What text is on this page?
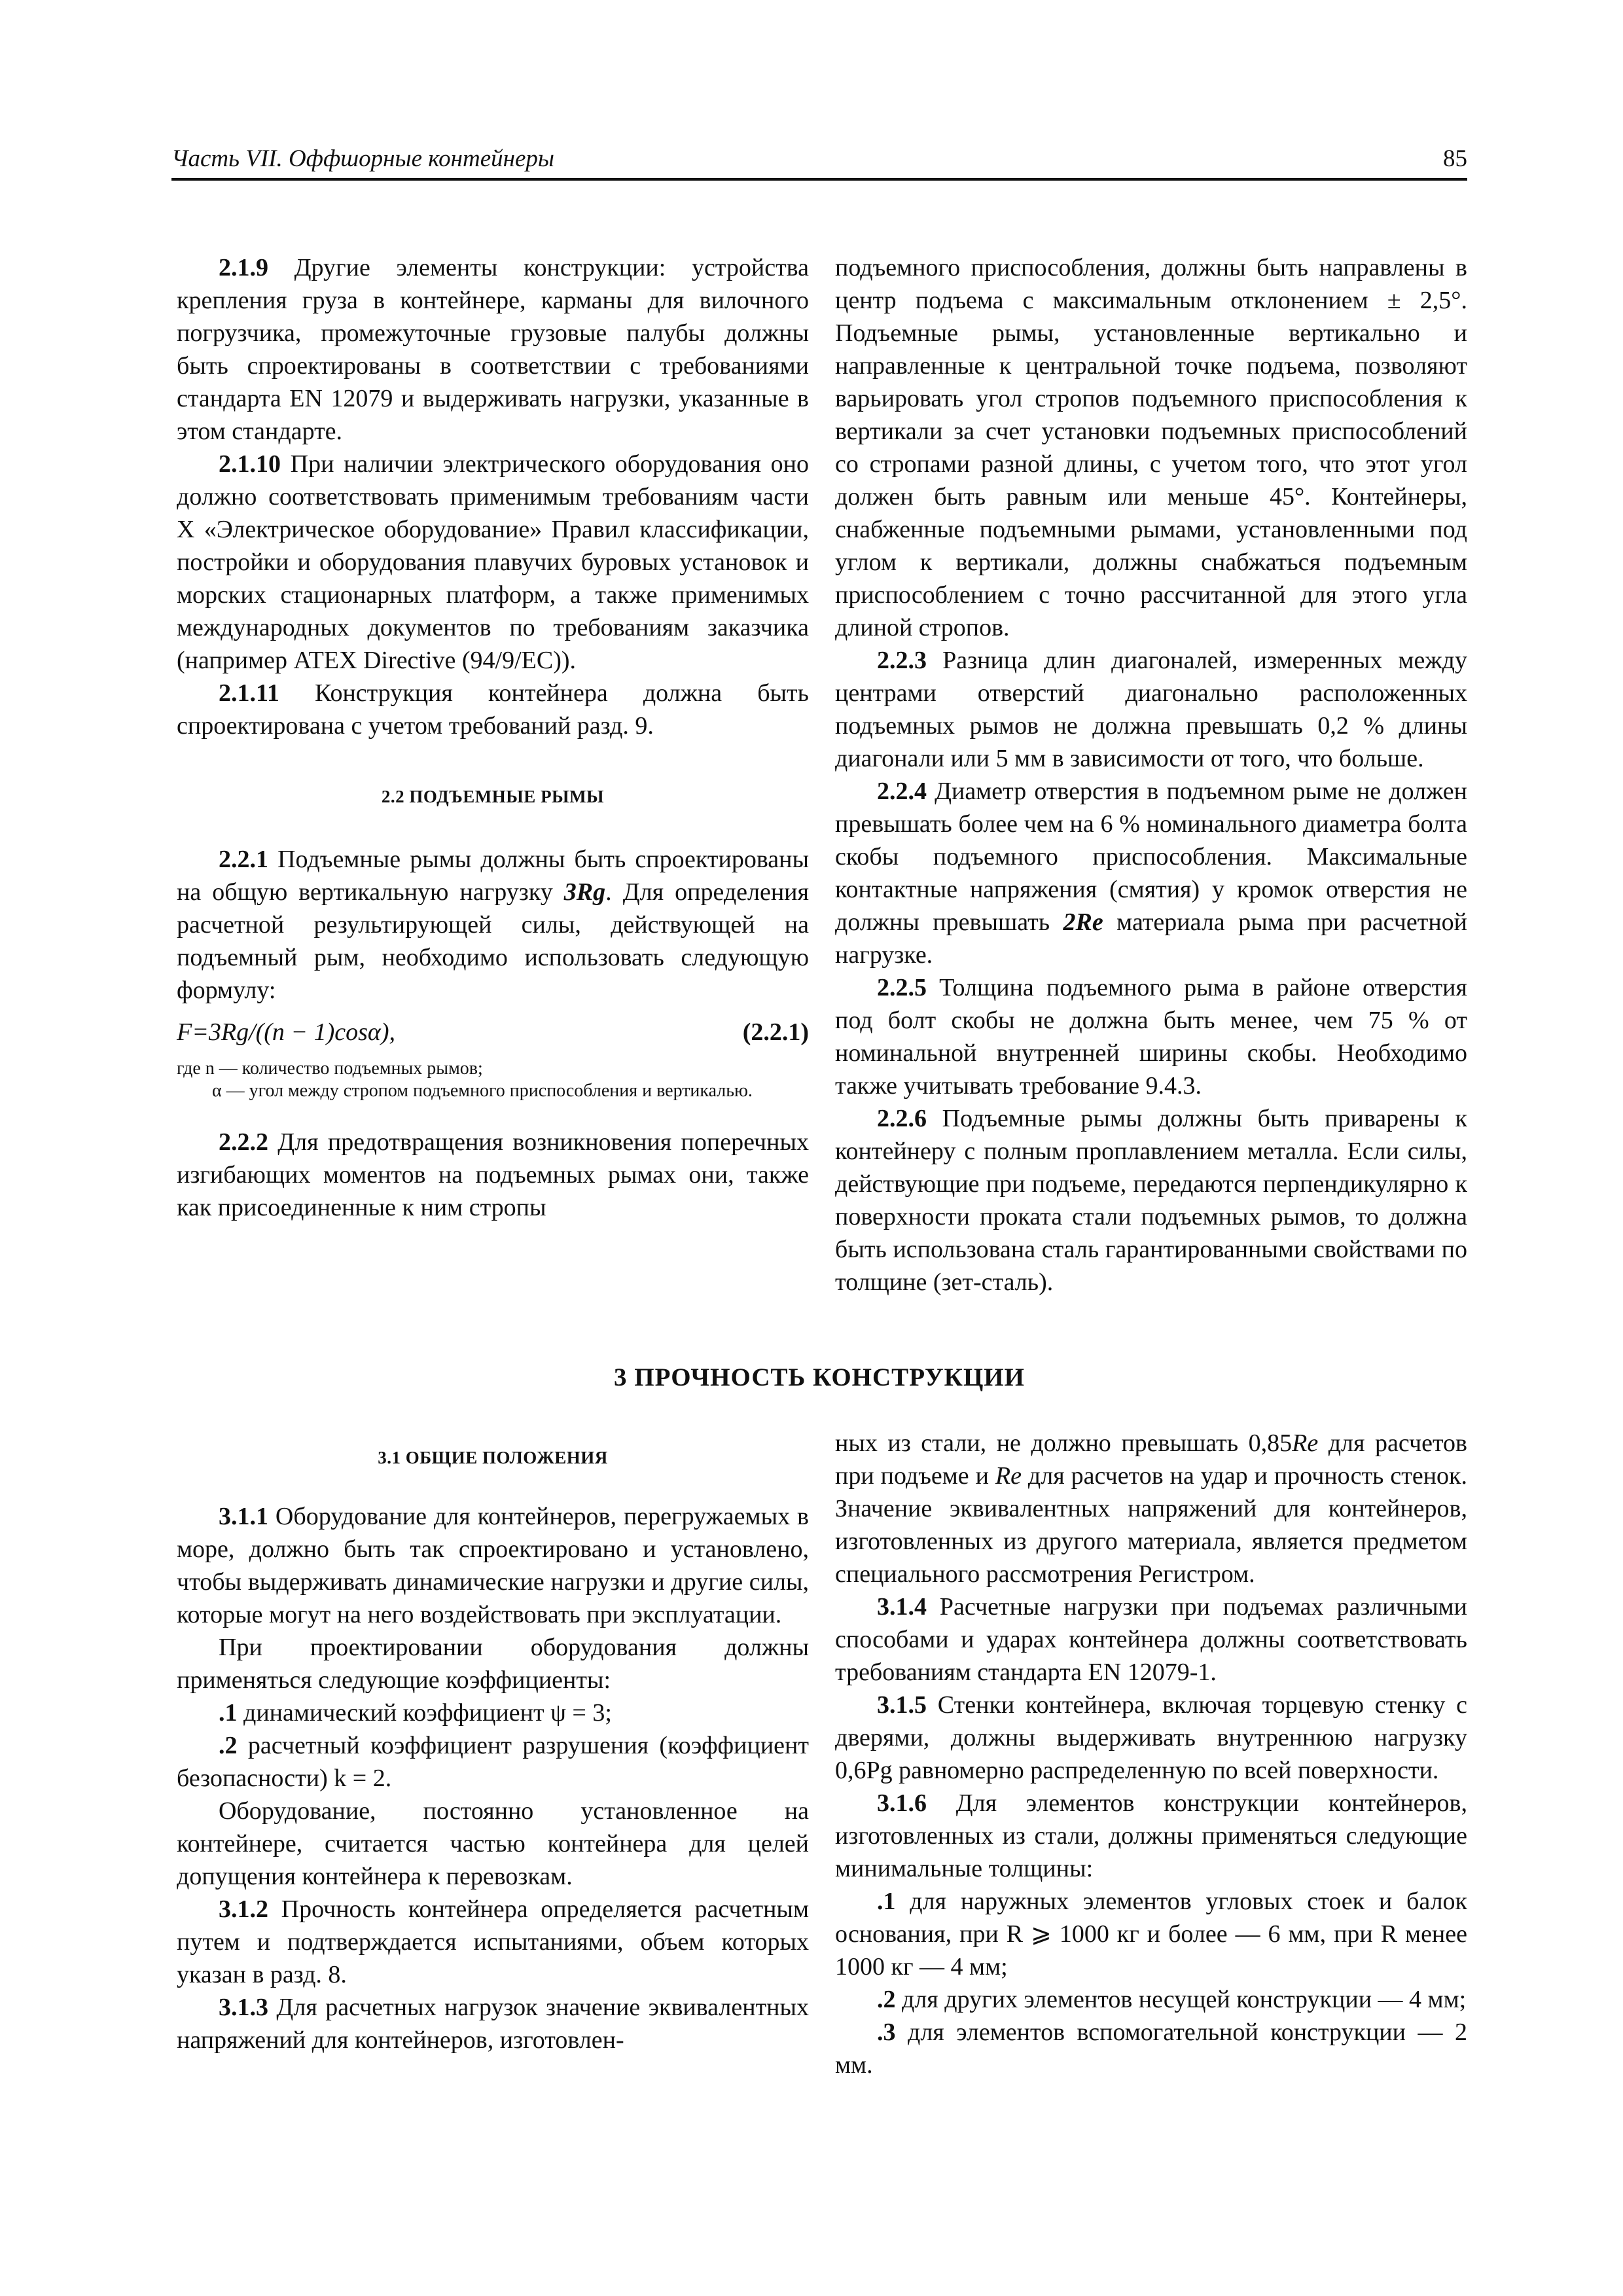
Часть VII. Оффшорные контейнеры	85

2.1.9 Другие элементы конструкции: устройства крепления груза в контейнере, карманы для вилочного погрузчика, промежуточные грузовые палубы должны быть спроектированы в соответствии с требованиями стандарта EN 12079 и выдерживать нагрузки, указанные в этом стандарте.

2.1.10 При наличии электрического оборудования оно должно соответствовать применимым требованиям части X «Электрическое оборудование» Правил классификации, постройки и оборудования плавучих буровых установок и морских стационарных платформ, а также применимых международных документов по требованиям заказчика (например ATEX Directive (94/9/EC)).

2.1.11 Конструкция контейнера должна быть спроектирована с учетом требований разд. 9.

2.2 ПОДЪЕМНЫЕ РЫМЫ

2.2.1 Подъемные рымы должны быть спроектированы на общую вертикальную нагрузку 3Rg. Для определения расчетной результирующей силы, действующей на подъемный рым, необходимо использовать следующую формулу:

F=3Rg/((n − 1)cosα),	(2.2.1)
где n — количество подъемных рымов;
α — угол между стропом подъемного приспособления и вертикалью.

2.2.2 Для предотвращения возникновения поперечных изгибающих моментов на подъемных рымах они, также как присоединенные к ним стропы

подъемного приспособления, должны быть направлены в центр подъема с максимальным отклонением ± 2,5°. Подъемные рымы, установленные вертикально и направленные к центральной точке подъема, позволяют варьировать угол стропов подъемного приспособления к вертикали за счет установки подъемных приспособлений со стропами разной длины, с учетом того, что этот угол должен быть равным или меньше 45°. Контейнеры, снабженные подъемными рымами, установленными под углом к вертикали, должны снабжаться подъемным приспособлением с точно рассчитанной для этого угла длиной стропов.

2.2.3 Разница длин диагоналей, измеренных между центрами отверстий диагонально расположенных подъемных рымов не должна превышать 0,2 % длины диагонали или 5 мм в зависимости от того, что больше.

2.2.4 Диаметр отверстия в подъемном рыме не должен превышать более чем на 6 % номинального диаметра болта скобы подъемного приспособления. Максимальные контактные напряжения (смятия) у кромок отверстия не должны превышать 2Re материала рыма при расчетной нагрузке.

2.2.5 Толщина подъемного рыма в районе отверстия под болт скобы не должна быть менее, чем 75 % от номинальной внутренней ширины скобы. Необходимо также учитывать требование 9.4.3.

2.2.6 Подъемные рымы должны быть приварены к контейнеру с полным проплавлением металла. Если силы, действующие при подъеме, передаются перпендикулярно к поверхности проката стали подъемных рымов, то должна быть использована сталь гарантированными свойствами по толщине (зет-сталь).

3 ПРОЧНОСТЬ КОНСТРУКЦИИ
3.1 ОБЩИЕ ПОЛОЖЕНИЯ

3.1.1 Оборудование для контейнеров, перегружаемых в море, должно быть так спроектировано и установлено, чтобы выдерживать динамические нагрузки и другие силы, которые могут на него воздействовать при эксплуатации.

При проектировании оборудования должны применяться следующие коэффициенты:

.1 динамический коэффициент ψ = 3;

.2 расчетный коэффициент разрушения (коэффициент безопасности) k = 2.

Оборудование, постоянно установленное на контейнере, считается частью контейнера для целей допущения контейнера к перевозкам.

3.1.2 Прочность контейнера определяется расчетным путем и подтверждается испытаниями, объем которых указан в разд. 8.

3.1.3 Для расчетных нагрузок значение эквивалентных напряжений для контейнеров, изготовлен-

ных из стали, не должно превышать 0,85Re для расчетов при подъеме и Re для расчетов на удар и прочность стенок. Значение эквивалентных напряжений для контейнеров, изготовленных из другого материала, является предметом специального рассмотрения Регистром.

3.1.4 Расчетные нагрузки при подъемах различными способами и ударах контейнера должны соответствовать требованиям стандарта EN 12079-1.

3.1.5 Стенки контейнера, включая торцевую стенку с дверями, должны выдерживать внутреннюю нагрузку 0,6Pg равномерно распределенную по всей поверхности.

3.1.6 Для элементов конструкции контейнеров, изготовленных из стали, должны применяться следующие минимальные толщины:

.1 для наружных элементов угловых стоек и балок основания, при R ⩾ 1000 кг и более — 6 мм, при R менее 1000 кг — 4 мм;

.2 для других элементов несущей конструкции — 4 мм;

.3 для элементов вспомогательной конструкции — 2 мм.
